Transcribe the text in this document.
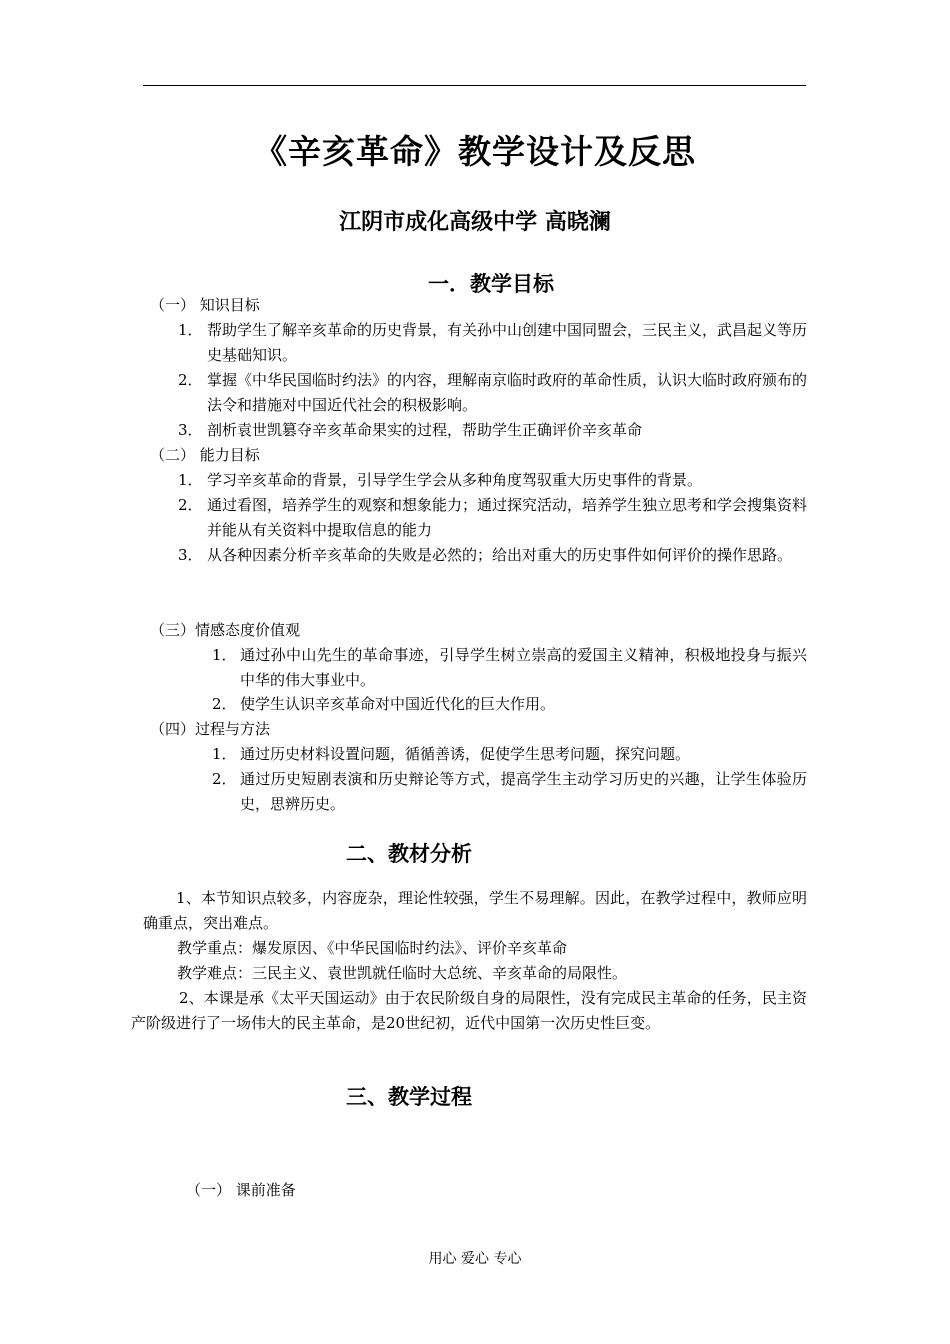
《辛亥革命》教学设计及反思
江阴市成化高级中学 高晓澜
一．教学目标
（一） 知识目标
1． 帮助学生了解辛亥革命的历史背景，有关孙中山创建中国同盟会，三民主义，武昌起义等历史基础知识。
2． 掌握《中华民国临时约法》的内容，理解南京临时政府的革命性质，认识大临时政府颁布的法令和措施对中国近代社会的积极影响。
3． 剖析袁世凯篡夺辛亥革命果实的过程，帮助学生正确评价辛亥革命
（二） 能力目标
1． 学习辛亥革命的背景，引导学生学会从多种角度驾驭重大历史事件的背景。
2． 通过看图，培养学生的观察和想象能力；通过探究活动，培养学生独立思考和学会搜集资料并能从有关资料中提取信息的能力
3． 从各种因素分析辛亥革命的失败是必然的；给出对重大的历史事件如何评价的操作思路。
（三）情感态度价值观
1． 通过孙中山先生的革命事迹，引导学生树立崇高的爱国主义精神，积极地投身与振兴中华的伟大事业中。
2． 使学生认识辛亥革命对中国近代化的巨大作用。
（四）过程与方法
1． 通过历史材料设置问题，循循善诱，促使学生思考问题，探究问题。
2． 通过历史短剧表演和历史辩论等方式，提高学生主动学习历史的兴趣，让学生体验历史，思辨历史。
二、教材分析
1、本节知识点较多，内容庞杂，理论性较强，学生不易理解。因此，在教学过程中，教师应明确重点，突出难点。
教学重点：爆发原因、《中华民国临时约法》、评价辛亥革命
教学难点：三民主义、袁世凯就任临时大总统、辛亥革命的局限性。
2、本课是承《太平天国运动》由于农民阶级自身的局限性，没有完成民主革命的任务，民主资产阶级进行了一场伟大的民主革命，是20世纪初，近代中国第一次历史性巨变。
三、教学过程
（一） 课前准备
用心 爱心 专心
